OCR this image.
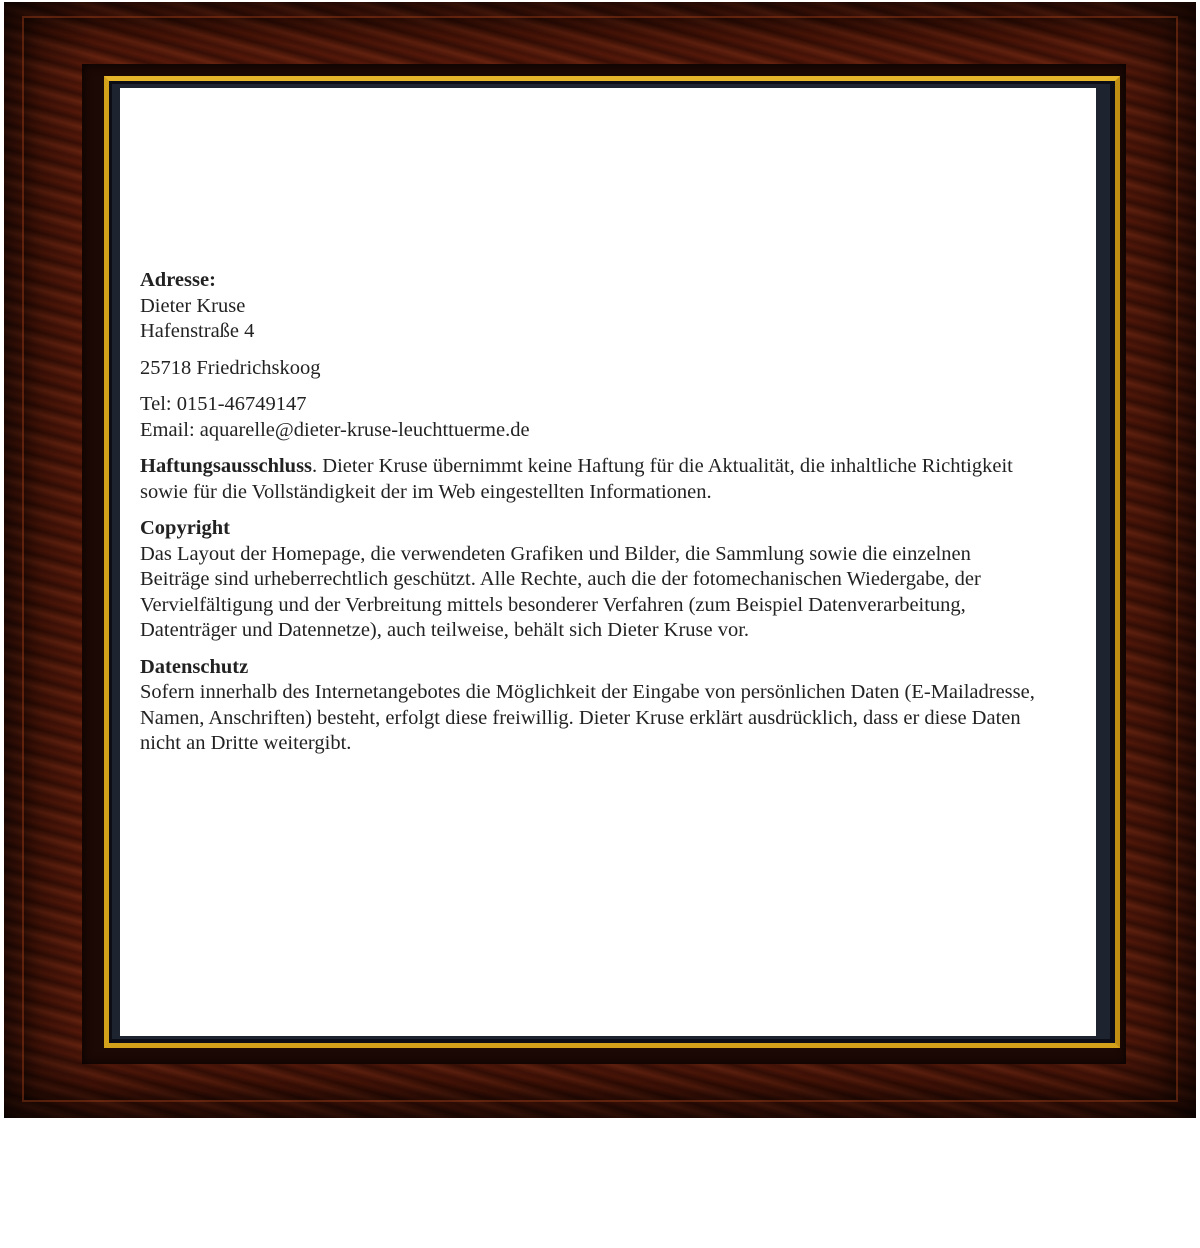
Adresse:
Dieter Kruse
Hafenstraße 4

25718 Friedrichskoog

Tel: 0151-46749147
Email: aquarelle@dieter-kruse-leuchttuerme.de

Haftungsausschluss. Dieter Kruse übernimmt keine Haftung für die Aktualität, die inhaltliche Richtigkeit sowie für die Vollständigkeit der im Web eingestellten Informationen.

Copyright
Das Layout der Homepage, die verwendeten Grafiken und Bilder, die Sammlung sowie die einzelnen Beiträge sind urheberrechtlich geschützt. Alle Rechte, auch die der fotomechanischen Wiedergabe, der Vervielfältigung und der Verbreitung mittels besonderer Verfahren (zum Beispiel Datenverarbeitung, Datenträger und Datennetze), auch teilweise, behält sich Dieter Kruse vor.
Datenschutz
Sofern innerhalb des Internetangebotes die Möglichkeit der Eingabe von persönlichen Daten (E-Mailadresse, Namen, Anschriften) besteht, erfolgt diese freiwillig. Dieter Kruse erklärt ausdrücklich, dass er diese Daten nicht an Dritte weitergibt.
